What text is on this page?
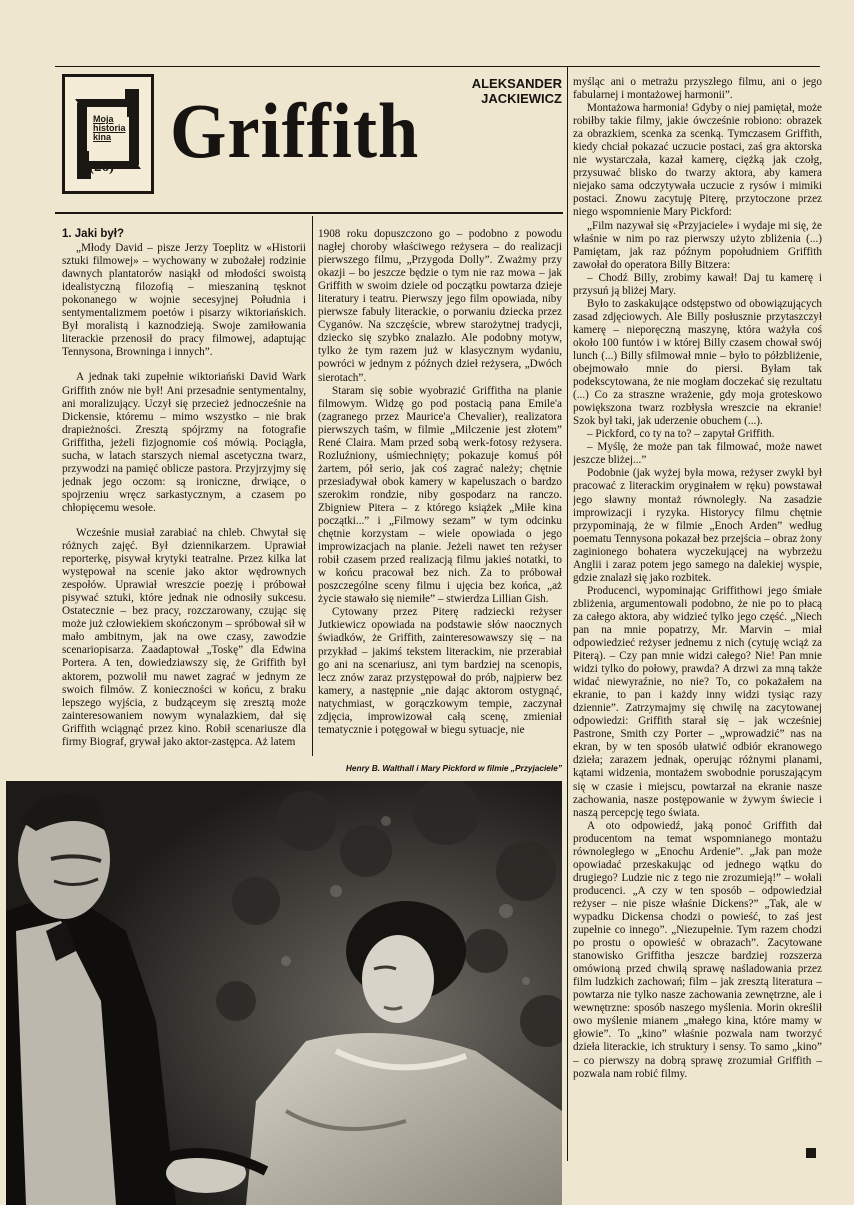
Moja historia kina
(26) Griffith
ALEKSANDER
JACKIEWICZ
1. Jaki był?

„Młody David – pisze Jerzy Toeplitz w «Historii sztuki filmowej» – wychowany w zubożałej rodzinie dawnych plantatorów nasiąkł od młodości swoistą idealistyczną filozofią – mieszaniną tęsknot pokonanego w wojnie secesyjnej Południa i sentymentalizmem poetów i pisarzy wiktoriańskich. Był moralistą i kaznodzieją. Swoje zamiłowania literackie przenosił do pracy filmowej, adaptując Tennysona, Browninga i innych”.

A jednak taki zupełnie wiktoriański David Wark Griffith znów nie był! Ani przesadnie sentymentalny, ani moralizujący. Uczył się przecież jednocześnie na Dickensie, któremu – mimo wszystko – nie brak drapieżności. Zresztą spójrzmy na fotografie Griffitha, jeżeli fizjognomie coś mówią. Pociągła, sucha, w latach starszych niemal ascetyczna twarz, przywodzi na pamięć oblicze pastora. Przyjrzyjmy się jednak jego oczom: są ironiczne, drwiące, o spojrzeniu wręcz sarkastycznym, a czasem po chłopięcemu wesołe.

Wcześnie musiał zarabiać na chleb. Chwytał się różnych zajęć. Był dziennikarzem. Uprawiał reporterkę, pisywał krytyki teatralne. Przez kilka lat występował na scenie jako aktor wędrownych zespołów. Uprawiał wreszcie poezję i próbował pisywać sztuki, które jednak nie odnosiły sukcesu. Ostatecznie – bez pracy, rozczarowany, czując się może już człowiekiem skończonym – spróbował sił w mało ambitnym, jak na owe czasy, zawodzie scenariopisarza. Zaadaptował „Toskę” dla Edwina Portera. A ten, dowiedziawszy się, że Griffith był aktorem, pozwolił mu nawet zagrać w jednym ze swoich filmów. Z konieczności w końcu, z braku lepszego wyjścia, z budząceym się zresztą może zainteresowaniem nowym wynalazkiem, dał się Griffith wciągnąć przez kino. Robił scenariusze dla firmy Biograf, grywał jako aktor-zastępca. Aż latem

1908 roku dopuszczono go – podobno z powodu nagłej choroby właściwego reżysera – do realizacji pierwszego filmu, „Przygoda Dolly”. Zważmy przy okazji – bo jeszcze będzie o tym nie raz mowa – jak Griffith w swoim dziele od początku powtarza dzieje literatury i teatru. Pierwszy jego film opowiada, niby pierwsze fabuły literackie, o porwaniu dziecka przez Cyganów. Na szczęście, wbrew starożytnej tradycji, dziecko się szybko znalazło. Ale podobny motyw, tylko że tym razem już w klasycznym wydaniu, powróci w jednym z późnych dzieł reżysera, „Dwóch sierotach”.

Staram się sobie wyobrazić Griffitha na planie filmowym. Widzę go pod postacią pana Emile'a (zagranego przez Maurice'a Chevalier), realizatora pierwszych taśm, w filmie „Milczenie jest złotem” René Claira. Mam przed sobą werk-fotosy reżysera. Rozluźniony, uśmiechnięty; pokazuje komuś pół żartem, pół serio, jak coś zagrać należy; chętnie przesiadywał obok kamery w kapeluszach o bardzo szerokim rondzie, niby gospodarz na ranczo. Zbigniew Pitera – z którego książek „Miłe kina początki...” i „Filmowy sezam” w tym odcinku chętnie korzystam – wiele opowiada o jego improwizacjach na planie. Jeżeli nawet ten reżyser robił czasem przed realizacją filmu jakieś notatki, to w końcu pracował bez nich. Za to próbował poszczególne sceny filmu i ujęcia bez końca, „aż życie stawało się niemiłe” – stwierdza Lillian Gish.

Cytowany przez Piterę radziecki reżyser Jutkiewicz opowiada na podstawie słów naocznych świadków, że Griffith, zainteresowawszy się – na przykład – jakimś tekstem literackim, nie przerabiał go ani na scenariusz, ani tym bardziej na scenopis, lecz znów zaraz przystępował do prób, najpierw bez kamery, a następnie „nie dając aktorom ostygnąć, natychmiast, w gorączkowym tempie, zaczynał zdjęcia, improwizował całą scenę, zmieniał tematycznie i potęgował w biegu sytuacje, nie

myśląc ani o metrażu przyszłego filmu, ani o jego fabularnej i montażowej harmonii”.

Montażowa harmonia! Gdyby o niej pamiętał, może robiłby takie filmy, jakie ówcześnie robiono: obrazek za obrazkiem, scenka za scenką. Tymczasem Griffith, kiedy chciał pokazać uczucie postaci, zaś gra aktorska nie wystarczała, kazał kamerę, ciężką jak czołg, przysuwać blisko do twarzy aktora, aby kamera niejako sama odczytywała uczucie z rysów i mimiki postaci. Znowu zacytuję Piterę, przytoczone przez niego wspomnienie Mary Pickford:

„Film nazywał się «Przyjaciele» i wydaje mi się, że właśnie w nim po raz pierwszy użyto zbliżenia (...) Pamiętam, jak raz późnym popołudniem Griffith zawołał do operatora Billy Bitzera:

– Chodź Billy, zrobimy kawał! Daj tu kamerę i przysuń ją bliżej Mary.

Było to zaskakujące odstępstwo od obowiązujących zasad zdjęciowych. Ale Billy posłusznie przytaszczył kamerę – nieporęczną maszynę, która ważyła coś około 100 funtów i w której Billy czasem chował swój lunch (...) Billy sfilmował mnie – było to półzbliżenie, obejmowało mnie do piersi. Byłam tak podekscytowana, że nie mogłam doczekać się rezultatu (...) Co za straszne wrażenie, gdy moja groteskowo powiększona twarz rozbłysła wreszcie na ekranie! Szok był taki, jak uderzenie obuchem (...).

– Pickford, co ty na to? – zapytał Griffith.

– Myślę, że może pan tak filmować, może nawet jeszcze bliżej...”

Podobnie (jak wyżej była mowa, reżyser zwykł był pracować z literackim oryginałem w ręku) powstawał jego sławny montaż równoległy. Na zasadzie improwizacji i ryzyka. Historycy filmu chętnie przypominają, że w filmie „Enoch Arden” według poematu Tennysona pokazał bez przejścia – obraz żony zaginionego bohatera wyczekującej na wybrzeżu Anglii i zaraz potem jego samego na dalekiej wyspie, gdzie znalazł się jako rozbitek.

Producenci, wypominając Griffithowi jego śmiałe zbliżenia, argumentowali podobno, że nie po to płacą za całego aktora, aby widzieć tylko jego część. „Niech pan na mnie popatrzy, Mr. Marvin – miał odpowiedzieć reżyser jednemu z nich (cytuję wciąż za Piterą). – Czy pan mnie widzi całego? Nie! Pan mnie widzi tylko do połowy, prawda? A drzwi za mną także widać niewyraźnie, no nie? To, co pokażałem na ekranie, to pan i każdy inny widzi tysiąc razy dziennie”. Zatrzymajmy się chwilę na zacytowanej odpowiedzi: Griffith starał się – jak wcześniej Pastrone, Smith czy Porter – „wprowadzić” nas na ekran, by w ten sposób ułatwić odbiór ekranowego dzieła; zarazem jednak, operując różnymi planami, kątami widzenia, montażem swobodnie poruszającym się w czasie i miejscu, powtarzał na ekranie nasze zachowania, nasze postępowanie w żywym świecie i naszą percepcję tego świata.

A oto odpowiedź, jaką ponoć Griffith dał producentom na temat wspomnianego montażu równoległego w „Enochu Ardenie”. „Jak pan może opowiadać przeskakując od jednego wątku do drugiego? Ludzie nic z tego nie zrozumieją!” – wołali producenci. „A czy w ten sposób – odpowiedział reżyser – nie pisze właśnie Dickens?” „Tak, ale w wypadku Dickensa chodzi o powieść, to zaś jest zupełnie co innego”. „Niezupełnie. Tym razem chodzi po prostu o opowieść w obrazach”. Zacytowane stanowisko Griffitha jeszcze bardziej rozszerza omówioną przed chwilą sprawę naśladowania przez film ludzkich zachowań; film – jak zresztą literatura – powtarza nie tylko nasze zachowania zewnętrzne, ale i wewnętrzne: sposób naszego myślenia. Morin określił owo myślenie mianem „małego kina, które mamy w głowie”. To „kino” właśnie pozwala nam tworzyć dzieła literackie, ich struktury i sensy. To samo „kino” – co pierwszy na dobrą sprawę zrozumiał Griffith – pozwala nam robić filmy.

Henry B. Walthall i Mary Pickford w filmie „Przyjaciele”
